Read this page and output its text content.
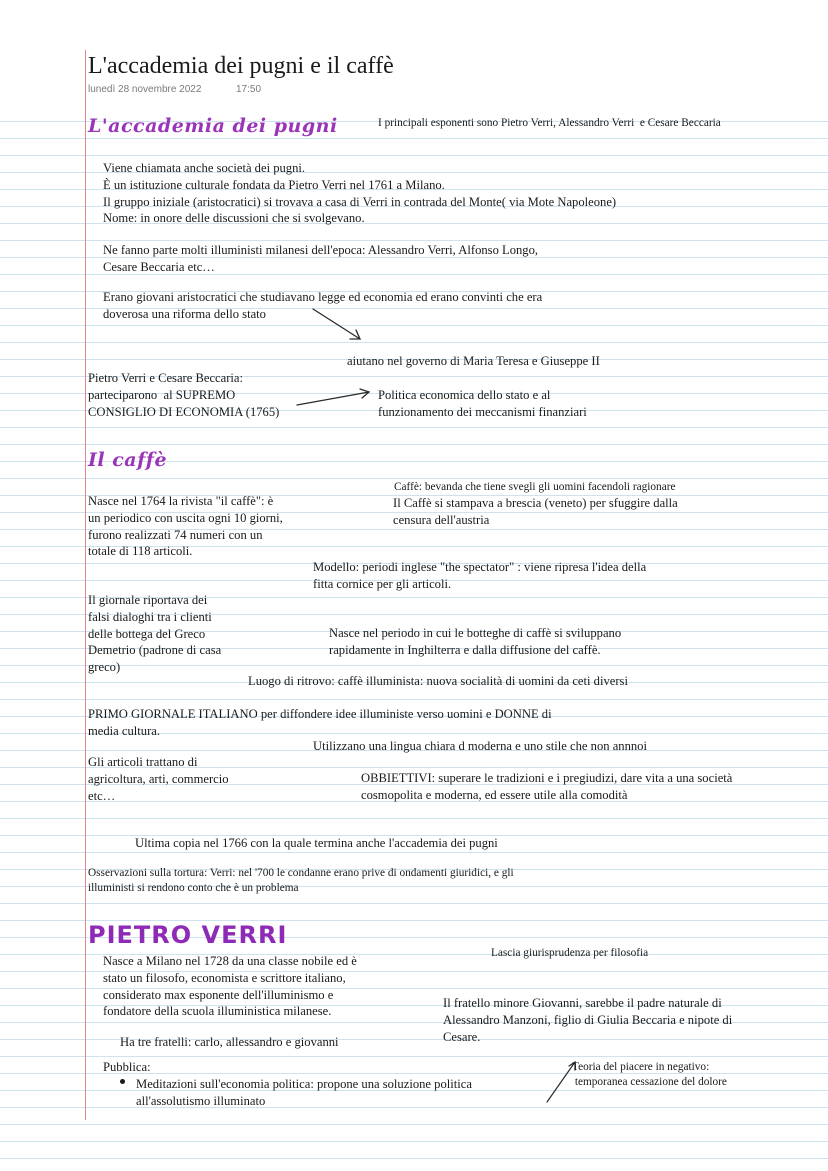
L'accademia dei pugni e il caffè
lunedì 28 novembre 2022	17:50
L'accademia dei pugni	I principali esponenti sono Pietro Verri, Alessandro Verri  e Cesare Beccaria
Viene chiamata anche società dei pugni.
È un istituzione culturale fondata da Pietro Verri nel 1761 a Milano.
Il gruppo iniziale (aristocratici) si trovava a casa di Verri in contrada del Monte( via Mote Napoleone)
Nome: in onore delle discussioni che si svolgevano.
Ne fanno parte molti illuministi milanesi dell'epoca: Alessandro Verri, Alfonso Longo,
Cesare Beccaria etc…
Erano giovani aristocratici che studiavano legge ed economia ed erano convinti che era
doverosa una riforma dello stato
aiutano nel governo di Maria Teresa e Giuseppe II
Pietro Verri e Cesare Beccaria:
parteciparono  al SUPREMO
CONSIGLIO DI ECONOMIA (1765)
Politica economica dello stato e al
funzionamento dei meccanismi finanziari
Il caffè
Caffè: bevanda che tiene svegli gli uomini facendoli ragionare
Il Caffè si stampava a brescia (veneto) per sfuggire dalla
censura dell'austria
Nasce nel 1764 la rivista "il caffè": è
un periodico con uscita ogni 10 giorni,
furono realizzati 74 numeri con un
totale di 118 articoli.
Modello: periodi inglese "the spectator" : viene ripresa l'idea della
fitta cornice per gli articoli.
Il giornale riportava dei
falsi dialoghi tra i clienti
delle bottega del Greco
Demetrio (padrone di casa
greco)
Nasce nel periodo in cui le botteghe di caffè si sviluppano
rapidamente in Inghilterra e dalla diffusione del caffè.
Luogo di ritrovo: caffè illuminista: nuova socialità di uomini da ceti diversi
PRIMO GIORNALE ITALIANO per diffondere idee illuministe verso uomini e DONNE di
media cultura.
Utilizzano una lingua chiara d moderna e uno stile che non annnoi
Gli articoli trattano di
agricoltura, arti, commercio
etc…
OBBIETTIVI: superare le tradizioni e i pregiudizi, dare vita a una società
cosmopolita e moderna, ed essere utile alla comodità
Ultima copia nel 1766 con la quale termina anche l'accademia dei pugni
Osservazioni sulla tortura: Verri: nel '700 le condanne erano prive di ondamenti giuridici, e gli
illuministi si rendono conto che è un problema
PIETRO VERRI
Nasce a Milano nel 1728 da una classe nobile ed è
stato un filosofo, economista e scrittore italiano,
considerato max esponente dell'illuminismo e
fondatore della scuola illuministica milanese.
Lascia giurisprudenza per filosofia
Il fratello minore Giovanni, sarebbe il padre naturale di
Alessandro Manzoni, figlio di Giulia Beccaria e nipote di
Cesare.
Ha tre fratelli: carlo, allessandro e giovanni
Pubblica:
Meditazioni sull'economia politica: propone una soluzione politica
all'assolutismo illuminato
Teoria del piacere in negativo:
temporanea cessazione del dolore
